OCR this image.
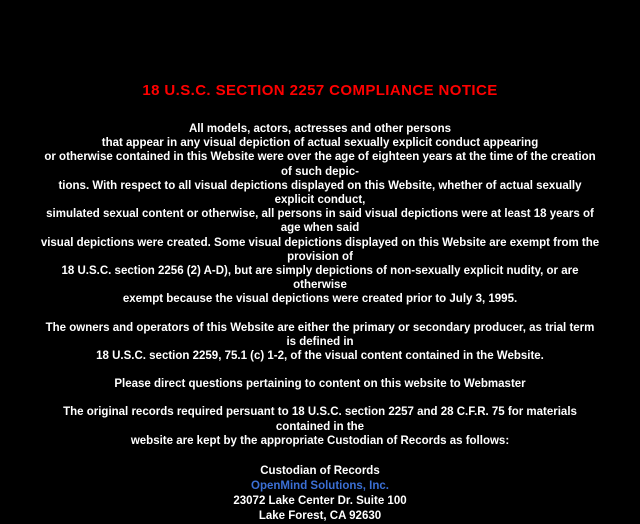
18 U.S.C. SECTION 2257 COMPLIANCE NOTICE

All models, actors, actresses and other persons
that appear in any visual depiction of actual sexually explicit conduct appearing
or otherwise contained in this Website were over the age of eighteen years at the time of the creation of such depic-
tions. With respect to all visual depictions displayed on this Website, whether of actual sexually explicit conduct,
simulated sexual content or otherwise, all persons in said visual depictions were at least 18 years of age when said
visual depictions were created. Some visual depictions displayed on this Website are exempt from the provision of
18 U.S.C. section 2256 (2) A-D), but are simply depictions of non-sexually explicit nudity, or are otherwise
exempt because the visual depictions were created prior to July 3, 1995.

The owners and operators of this Website are either the primary or secondary producer, as trial term is defined in
18 U.S.C. section 2259, 75.1 (c) 1-2, of the visual content contained in the Website.

Please direct questions pertaining to content on this website to Webmaster

The original records required persuant to 18 U.S.C. section 2257 and 28 C.F.R. 75 for materials contained in the
website are kept by the appropriate Custodian of Records as follows:

Custodian of Records
OpenMind Solutions, Inc.
23072 Lake Center Dr. Suite 100
Lake Forest, CA 92630
